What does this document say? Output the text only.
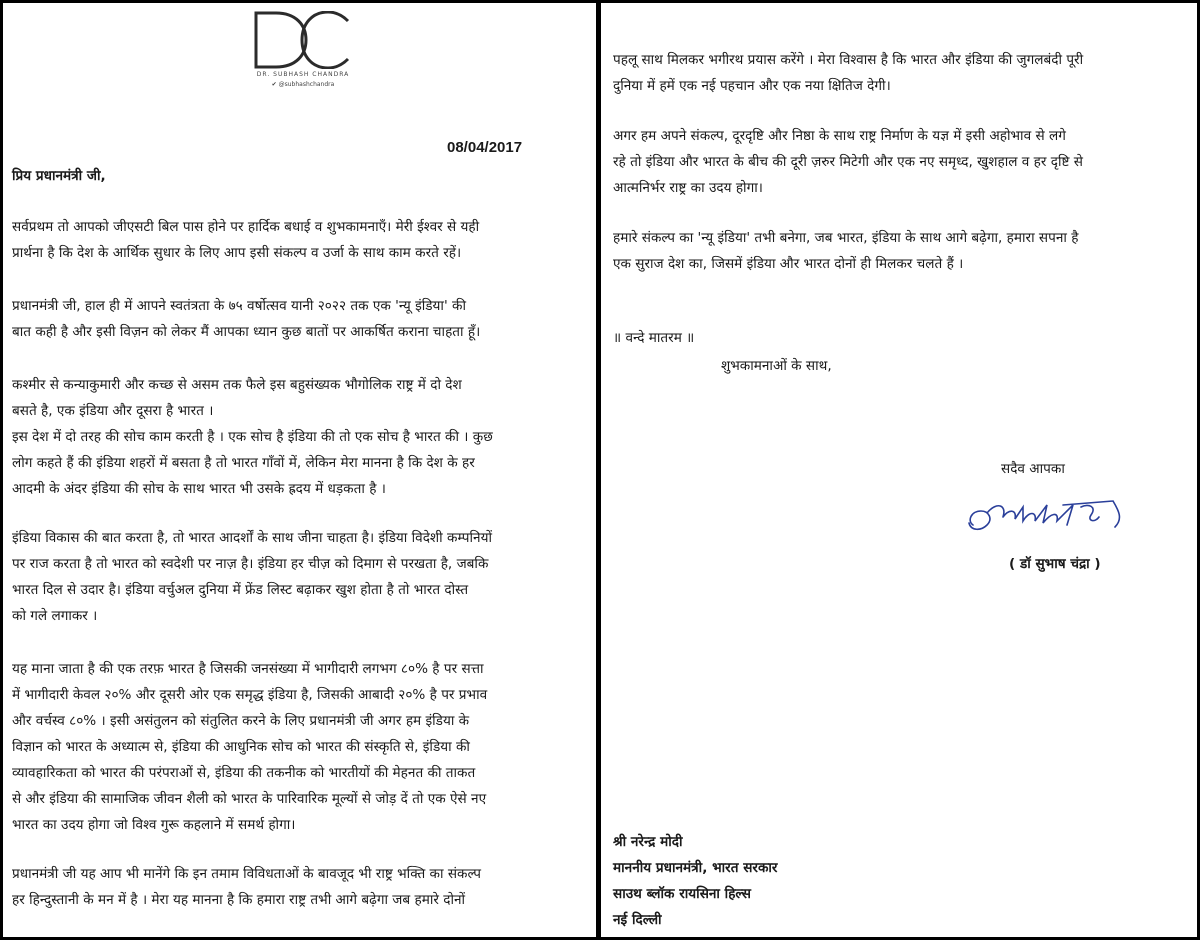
DR. SUBHASH CHANDRA
✔ @subhashchandra
08/04/2017
प्रिय प्रधानमंत्री जी,
सर्वप्रथम तो आपको जीएसटी बिल पास होने पर हार्दिक बधाई व शुभकामनाएँ। मेरी ईश्वर से यही
प्रार्थना है कि देश के आर्थिक सुधार के लिए आप इसी संकल्प व उर्जा के साथ काम करते रहें।
प्रधानमंत्री जी, हाल ही में आपने स्वतंत्रता के ७५ वर्षोत्सव यानी २०२२ तक एक 'न्यू इंडिया' की
बात कही है और इसी विज़न को लेकर मैं आपका ध्यान कुछ बातों पर आकर्षित कराना चाहता हूँ।
कश्मीर से कन्याकुमारी और कच्छ से असम तक फैले इस बहुसंख्यक भौगोलिक राष्ट्र में दो देश
बसते है, एक इंडिया और दूसरा है भारत ।
इस देश में दो तरह की सोच काम करती है । एक सोच है इंडिया की तो एक सोच है भारत की । कुछ
लोग कहते हैं की इंडिया शहरों में बसता है तो भारत गाँवों में, लेकिन मेरा मानना है कि देश के हर
आदमी के अंदर इंडिया की सोच के साथ भारत भी उसके ह्रदय में धड़कता है ।
इंडिया विकास की बात करता है, तो भारत आदर्शों के साथ जीना चाहता है। इंडिया विदेशी कम्पनियों
पर राज करता है तो भारत को स्वदेशी पर नाज़ है। इंडिया हर चीज़ को दिमाग से परखता है, जबकि
भारत दिल से उदार है। इंडिया वर्चुअल दुनिया में फ्रेंड लिस्ट बढ़ाकर खुश होता है तो भारत दोस्त
को गले लगाकर ।
यह माना जाता है की एक तरफ़ भारत है जिसकी जनसंख्या में भागीदारी लगभग ८०% है पर सत्ता
में भागीदारी केवल २०% और दूसरी ओर एक समृद्ध इंडिया है, जिसकी आबादी २०% है पर प्रभाव
और वर्चस्व ८०% । इसी असंतुलन को संतुलित करने के लिए प्रधानमंत्री जी अगर हम इंडिया के
विज्ञान को भारत के अध्यात्म से, इंडिया की आधुनिक सोच को भारत की संस्कृति से, इंडिया की
व्यावहारिकता को भारत की परंपराओं से, इंडिया की तकनीक को भारतीयों की मेहनत की ताकत
से और इंडिया की सामाजिक जीवन शैली को भारत के पारिवारिक मूल्यों से जोड़ दें तो एक ऐसे नए
भारत का उदय होगा जो विश्व गुरू कहलाने में समर्थ होगा।
प्रधानमंत्री जी यह आप भी मानेंगे कि इन तमाम विविधताओं के बावजूद भी राष्ट्र भक्ति का संकल्प
हर हिन्दुस्तानी के मन में है । मेरा यह मानना है कि हमारा राष्ट्र तभी आगे बढ़ेगा जब हमारे दोनों
पहलू साथ मिलकर भगीरथ प्रयास करेंगे । मेरा विश्वास है कि भारत और इंडिया की जुगलबंदी पूरी
दुनिया में हमें एक नई पहचान और एक नया क्षितिज देगी।
अगर हम अपने संकल्प, दूरदृष्टि और निष्ठा के साथ राष्ट्र निर्माण के यज्ञ में इसी अहोभाव से लगे
रहे तो इंडिया और भारत के बीच की दूरी ज़रुर मिटेगी और एक नए समृध्द, खुशहाल व हर दृष्टि से
आत्मनिर्भर राष्ट्र का उदय होगा।
हमारे संकल्प का 'न्यू इंडिया' तभी बनेगा, जब भारत, इंडिया के साथ आगे बढ़ेगा, हमारा सपना है
एक सुराज देश का, जिसमें इंडिया और भारत दोनों ही मिलकर चलते हैं ।
॥ वन्दे मातरम ॥
शुभकामनाओं के साथ,
सदैव आपका
( डॉ सुभाष चंद्रा )
श्री नरेन्द्र मोदी
माननीय प्रधानमंत्री, भारत सरकार
साउथ ब्लॉक रायसिना हिल्स
नई दिल्ली
